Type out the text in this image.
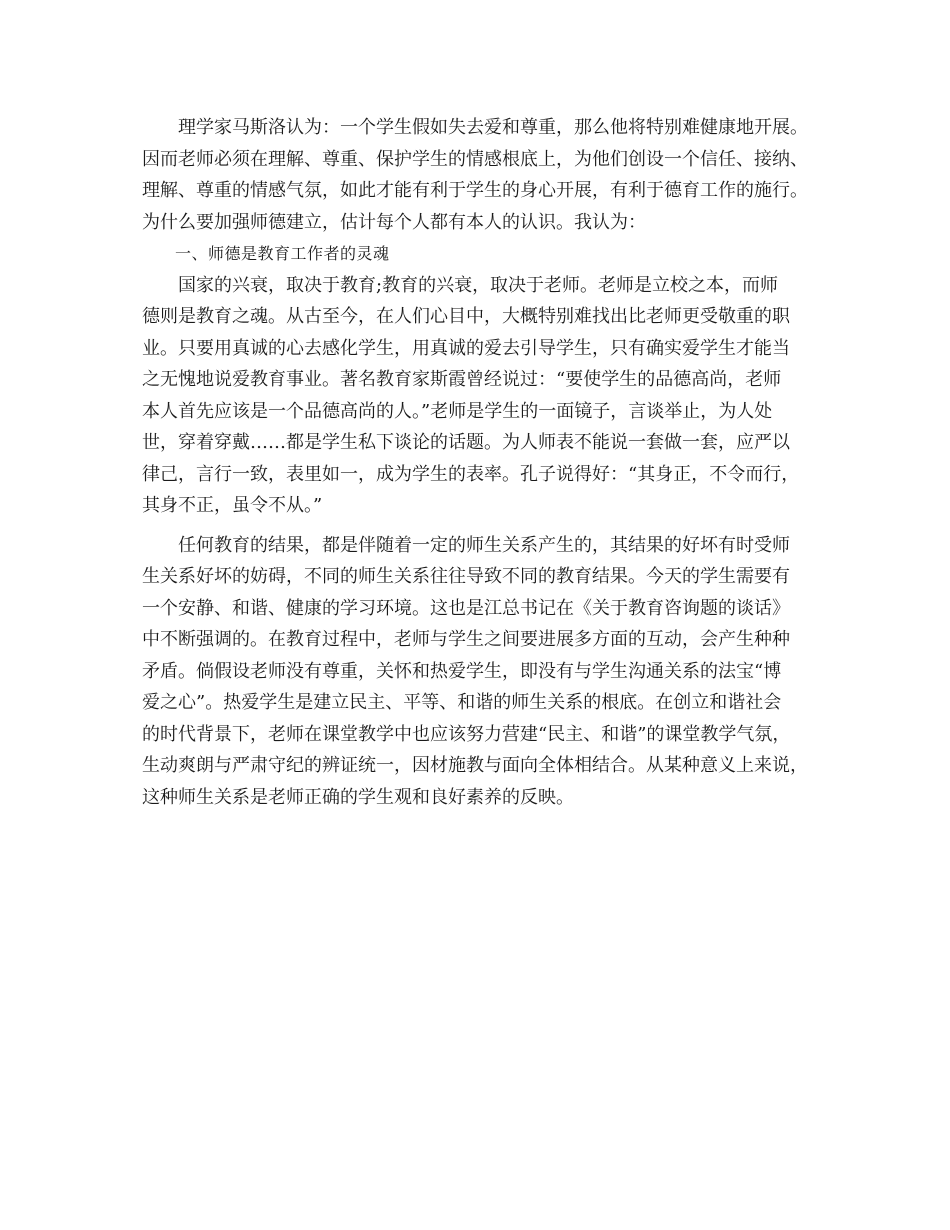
　　理学家马斯洛认为：一个学生假如失去爱和尊重，那么他将特别难健康地开展。
因而老师必须在理解、尊重、保护学生的情感根底上，为他们创设一个信任、接纳、
理解、尊重的情感气氛，如此才能有利于学生的身心开展，有利于德育工作的施行。
为什么要加强师德建立，估计每个人都有本人的认识。我认为：
　　一、师德是教育工作者的灵魂
　　国家的兴衰，取决于教育;教育的兴衰，取决于老师。老师是立校之本，而师
德则是教育之魂。从古至今，在人们心目中，大概特别难找出比老师更受敬重的职
业。只要用真诚的心去感化学生，用真诚的爱去引导学生，只有确实爱学生才能当
之无愧地说爱教育事业。著名教育家斯霞曾经说过：“要使学生的品德高尚，老师
本人首先应该是一个品德高尚的人。”老师是学生的一面镜子，言谈举止，为人处
世，穿着穿戴……都是学生私下谈论的话题。为人师表不能说一套做一套，应严以
律己，言行一致，表里如一，成为学生的表率。孔子说得好：“其身正，不令而行，
其身不正，虽令不从。”
　　任何教育的结果，都是伴随着一定的师生关系产生的，其结果的好坏有时受师
生关系好坏的妨碍，不同的师生关系往往导致不同的教育结果。今天的学生需要有
一个安静、和谐、健康的学习环境。这也是江总书记在《关于教育咨询题的谈话》
中不断强调的。在教育过程中，老师与学生之间要进展多方面的互动，会产生种种
矛盾。倘假设老师没有尊重，关怀和热爱学生，即没有与学生沟通关系的法宝“博
爱之心”。热爱学生是建立民主、平等、和谐的师生关系的根底。在创立和谐社会
的时代背景下，老师在课堂教学中也应该努力营建“民主、和谐”的课堂教学气氛，
生动爽朗与严肃守纪的辨证统一，因材施教与面向全体相结合。从某种意义上来说，
这种师生关系是老师正确的学生观和良好素养的反映。
